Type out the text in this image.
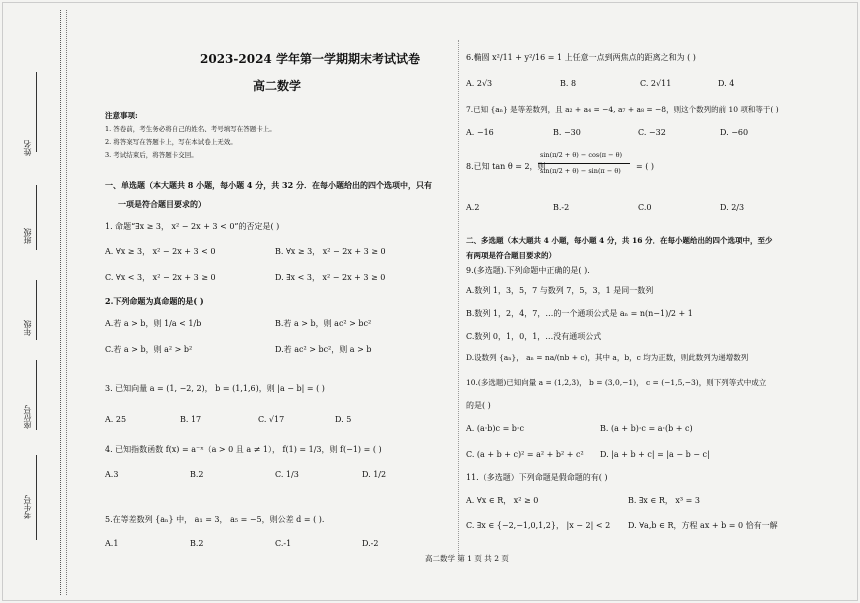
姓名
班级
年级
座位号
考生号
2023-2024 学年第一学期期末考试试卷
高二数学
注意事项:
1. 答卷前，考生务必将自己的姓名、考号填写在答题卡上。
2. 将答案写在答题卡上，写在本试卷上无效。
3. 考试结束后，将答题卡交回。
一、单选题（本大题共 8 小题，每小题 4 分，共 32 分．在每小题给出的四个选项中，只有
一项是符合题目要求的）
1. 命题“∃x ≥ 3， x² − 2x + 3 < 0”的否定是( )
A. ∀x ≥ 3， x² − 2x + 3 < 0	B. ∀x ≥ 3， x² − 2x + 3 ≥ 0
C. ∀x < 3， x² − 2x + 3 ≥ 0	D. ∃x < 3， x² − 2x + 3 ≥ 0
2.下列命题为真命题的是( )
A.若 a > b，则 1/a < 1/b	B.若 a > b，则 ac² > bc²
C.若 a > b，则 a² > b²	D.若 ac² > bc²，则 a > b
3. 已知向量 a = (1, −2, 2)， b = (1,1,6)，则 |a − b| = ( )
A. 25	B. 17	C. √17	D. 5
4. 已知指数函数 f(x) = a⁻ˣ（a > 0 且 a ≠ 1）， f(1) = 1/3，则 f(−1) = ( )
A.3	B.2	C. 1/3	D. 1/2
5.在等差数列 {aₙ} 中， a₁ = 3， a₅ = −5，则公差 d = ( ).
A.1	B.2	C.-1	D.-2
6.椭圆 x²/11 + y²/16 = 1 上任意一点到两焦点的距离之和为 ( )
A. 2√3	B. 8	C. 2√11	D. 4
7.已知 {aₙ} 是等差数列，且 a₂ + a₄ = −4, a₇ + a₈ = −8，则这个数列的前 10 项和等于( )
A. −16	B. −30	C. −32	D. −60
8.已知 tan θ = 2，则
sin(π/2 + θ) − cos(π − θ)
sin(π/2 + θ) − sin(π − θ) = ( )
A.2	B.-2	C.0	D. 2/3
二、多选题（本大题共 4 小题，每小题 4 分，共 16 分．在每小题给出的四个选项中，至少
有两项是符合题目要求的）
9.(多选题).下列命题中正确的是( ).
A.数列 1，3，5，7 与数列 7，5，3，1 是同一数列
B.数列 1，2，4，7，…的一个通项公式是 aₙ = n(n−1)/2 + 1
C.数列 0，1，0，1，…没有通项公式
D.设数列 {aₙ}， aₙ = na/(nb + c)，其中 a，b，c 均为正数，则此数列为递增数列
10.(多选题)已知向量 a = (1,2,3)， b = (3,0,−1)， c = (−1,5,−3)，则下列等式中成立
的是( )
A. (a·b)c = b·c	B. (a + b)·c = a·(b + c)
C. (a + b + c)² = a² + b² + c² D. |a + b + c| = |a − b − c|
11.（多选题）下列命题是假命题的有( )
A. ∀x ∈ R， x² ≥ 0	B. ∃x ∈ R， x³ = 3
C. ∃x ∈ {−2,−1,0,1,2}， |x − 2| < 2 D. ∀a,b ∈ R，方程 ax + b = 0 恰有一解
高二数学 第 1 页 共 2 页
